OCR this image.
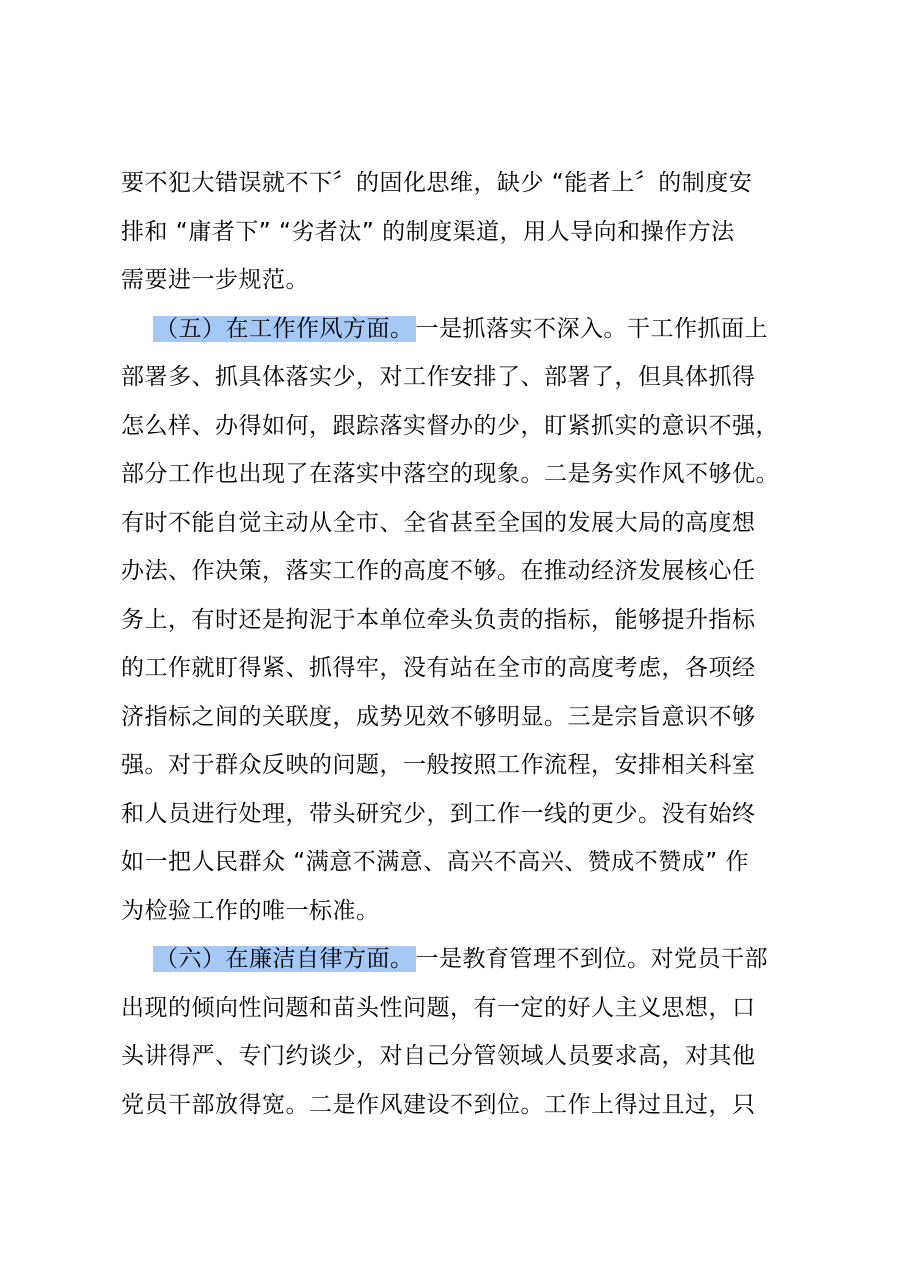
要不犯大错误就不下〞的固化思维，缺少 “能者上〞的制度安
排和 “庸者下” “劣者汰” 的制度渠道，用人导向和操作方法
需要进一步规范。
（五）在工作作风方面。一是抓落实不深入。干工作抓面上
部署多、抓具体落实少，对工作安排了、部署了，但具体抓得
怎么样、办得如何，跟踪落实督办的少，盯紧抓实的意识不强，
部分工作也出现了在落实中落空的现象。二是务实作风不够优。
有时不能自觉主动从全市、全省甚至全国的发展大局的高度想
办法、作决策，落实工作的高度不够。在推动经济发展核心任
务上，有时还是拘泥于本单位牵头负责的指标，能够提升指标
的工作就盯得紧、抓得牢，没有站在全市的高度考虑，各项经
济指标之间的关联度，成势见效不够明显。三是宗旨意识不够
强。对于群众反映的问题，一般按照工作流程，安排相关科室
和人员进行处理，带头研究少，到工作一线的更少。没有始终
如一把人民群众 “满意不满意、高兴不高兴、赞成不赞成” 作
为检验工作的唯一标准。
（六）在廉洁自律方面。一是教育管理不到位。对党员干部
出现的倾向性问题和苗头性问题，有一定的好人主义思想，口
头讲得严、专门约谈少，对自己分管领域人员要求高，对其他
党员干部放得宽。二是作风建设不到位。工作上得过且过，只
